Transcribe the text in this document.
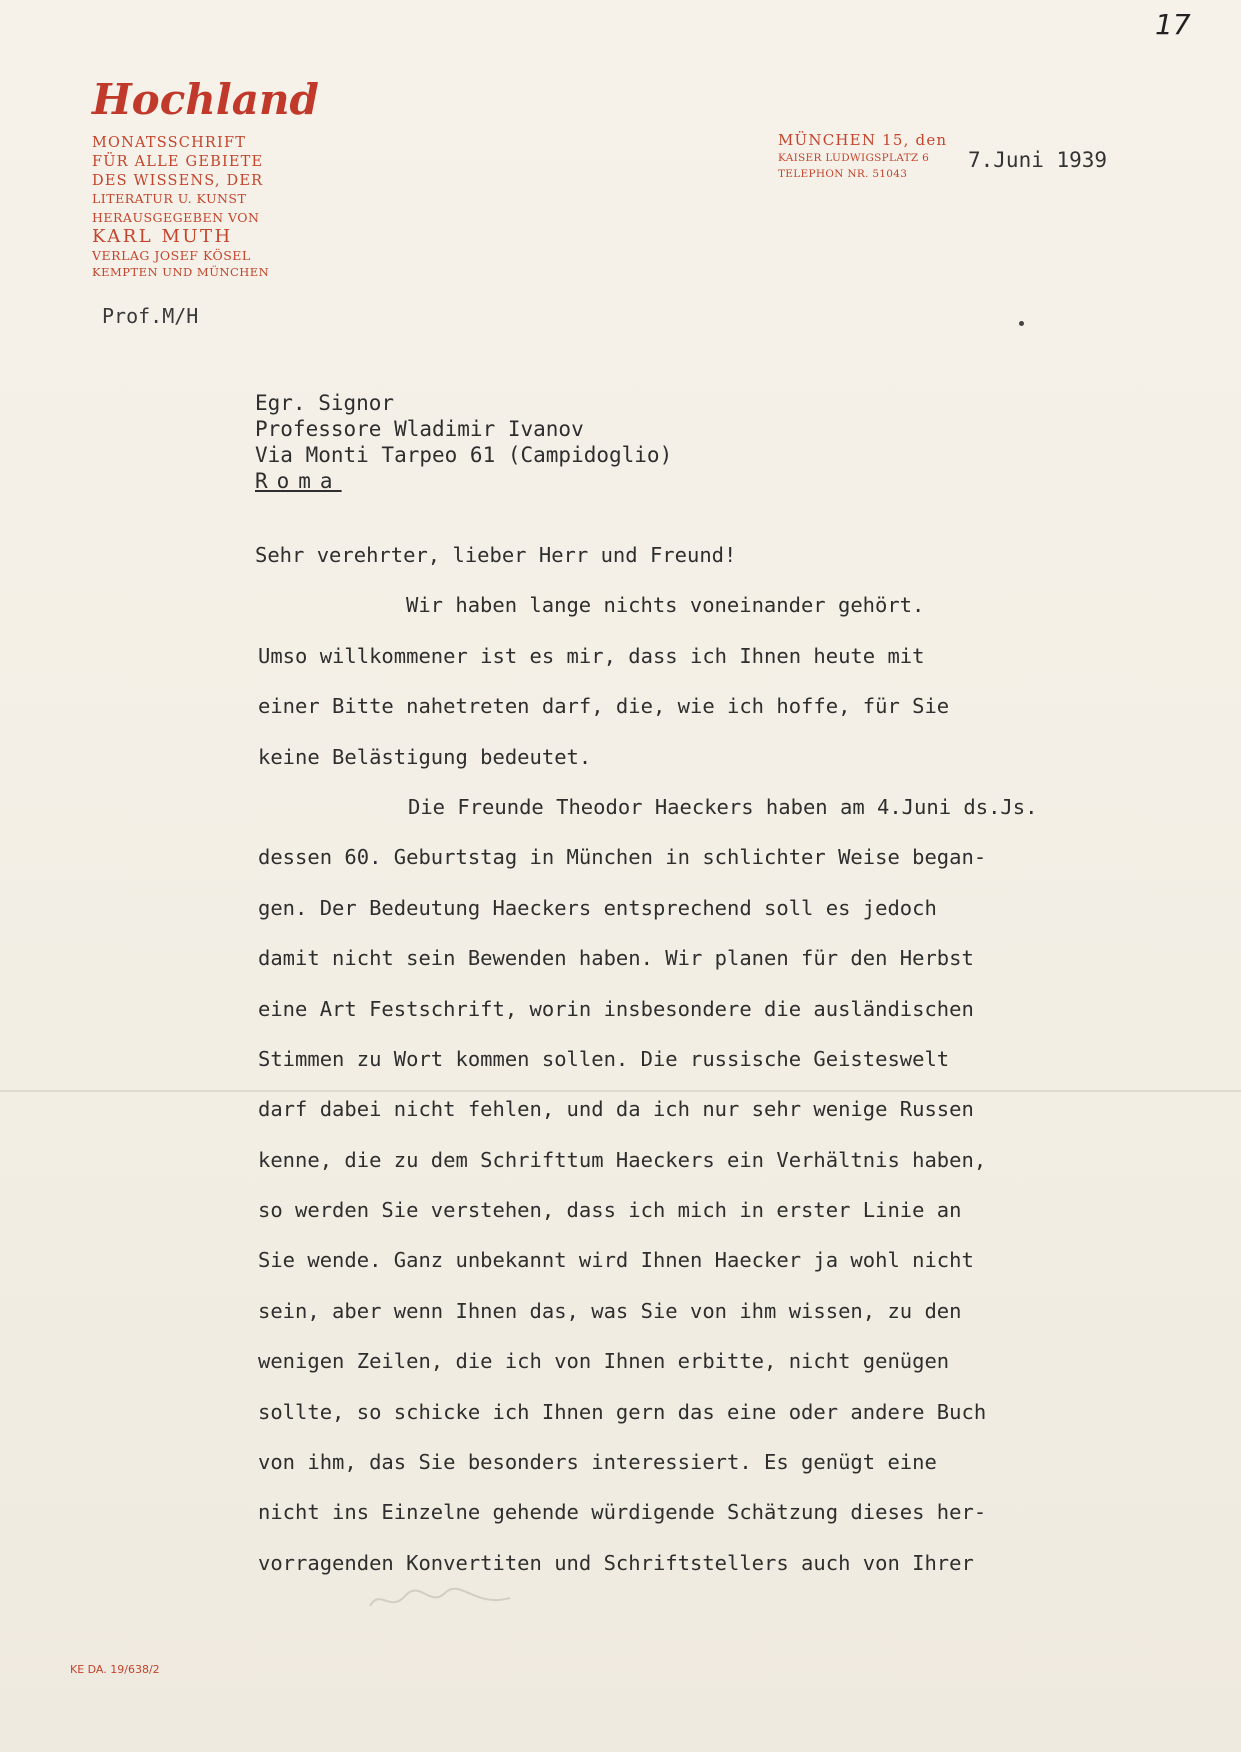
17
Hochland
MONATSSCHRIFT
FÜR ALLE GEBIETE
DES WISSENS, DER
LITERATUR U. KUNST
HERAUSGEGEBEN VON
KARL MUTH
VERLAG JOSEF KÖSEL
KEMPTEN UND MÜNCHEN
Prof.M/H
MÜNCHEN 15, den
KAISER LUDWIGSPLATZ 6
TELEPHON NR. 51043
7.Juni 1939

Egr. Signor
Professore Wladimir Ivanov
Via Monti Tarpeo 61 (Campidoglio)
Roma
Sehr verehrter, lieber Herr und Freund!
Wir haben lange nichts voneinander gehört.
Umso willkommener ist es mir, dass ich Ihnen heute mit
einer Bitte nahetreten darf, die, wie ich hoffe, für Sie
keine Belästigung bedeutet.
Die Freunde Theodor Haeckers haben am 4.Juni ds.Js.
dessen 60. Geburtstag in München in schlichter Weise began-
gen. Der Bedeutung Haeckers entsprechend soll es jedoch
damit nicht sein Bewenden haben. Wir planen für den Herbst
eine Art Festschrift, worin insbesondere die ausländischen
Stimmen zu Wort kommen sollen. Die russische Geisteswelt
darf dabei nicht fehlen, und da ich nur sehr wenige Russen
kenne, die zu dem Schrifttum Haeckers ein Verhältnis haben,
so werden Sie verstehen, dass ich mich in erster Linie an
Sie wende. Ganz unbekannt wird Ihnen Haecker ja wohl nicht
sein, aber wenn Ihnen das, was Sie von ihm wissen, zu den
wenigen Zeilen, die ich von Ihnen erbitte, nicht genügen
sollte, so schicke ich Ihnen gern das eine oder andere Buch
von ihm, das Sie besonders interessiert. Es genügt eine
nicht ins Einzelne gehende würdigende Schätzung dieses her-
vorragenden Konvertiten und Schriftstellers auch von Ihrer
KE DA. 19/638/2
